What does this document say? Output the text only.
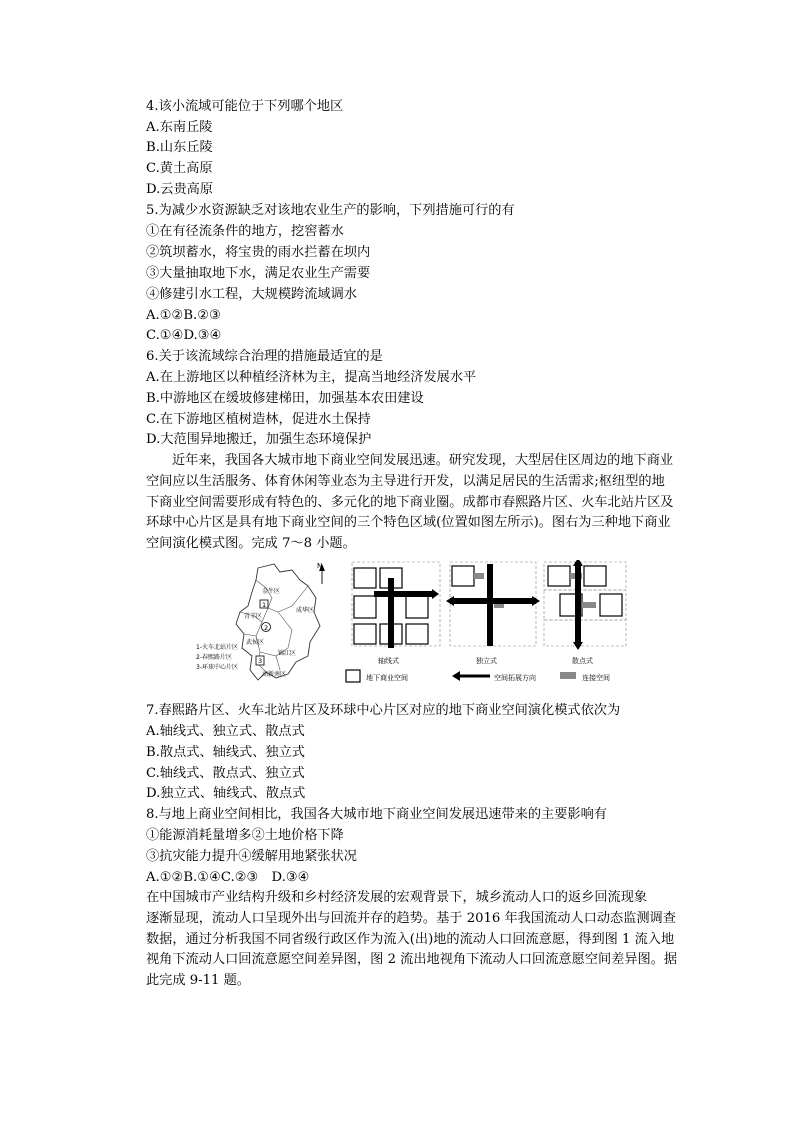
4.该小流域可能位于下列哪个地区
A.东南丘陵
B.山东丘陵
C.黄土高原
D.云贵高原
5.为减少水资源缺乏对该地农业生产的影响，下列措施可行的有
①在有径流条件的地方，挖窖蓄水
②筑坝蓄水，将宝贵的雨水拦蓄在坝内
③大量抽取地下水，满足农业生产需要
④修建引水工程，大规模跨流域调水
A.①②B.②③
C.①④D.③④
6.关于该流域综合治理的措施最适宜的是
A.在上游地区以种植经济林为主，提高当地经济发展水平
B.中游地区在缓坡修建梯田，加强基本农田建设
C.在下游地区植树造林，促进水土保持
D.大范围异地搬迁，加强生态环境保护
近年来，我国各大城市地下商业空间发展迅速。研究发现，大型居住区周边的地下商业
空间应以生活服务、体育休闲等业态为主导进行开发，以满足居民的生活需求;枢纽型的地
下商业空间需要形成有特色的、多元化的地下商业圈。成都市春熙路片区、火车北站片区及
环球中心片区是具有地下商业空间的三个特色区域(位置如图左所示)。图右为三种地下商业
空间演化模式图。完成 7～8 小题。
N
金牛区
青羊区
成华区
武侯区
锦江区
高新南区
1
2
3
1-火车北站片区
2-春熙路片区
3-环球中心片区
轴线式	独立式	散点式
地下商业空间	空间拓展方向	连接空间
7.春熙路片区、火车北站片区及环球中心片区对应的地下商业空间演化模式依次为
A.轴线式、独立式、散点式
B.散点式、轴线式、独立式
C.轴线式、散点式、独立式
D.独立式、轴线式、散点式
8.与地上商业空间相比，我国各大城市地下商业空间发展迅速带来的主要影响有
①能源消耗量增多②土地价格下降
③抗灾能力提升④缓解用地紧张状况
A.①②B.①④C.②③　D.③④
在中国城市产业结构升级和乡村经济发展的宏观背景下，城乡流动人口的返乡回流现象
逐渐显现，流动人口呈现外出与回流并存的趋势。基于 2016 年我国流动人口动态监测调查
数据，通过分析我国不同省级行政区作为流入(出)地的流动人口回流意愿，得到图 1 流入地
视角下流动人口回流意愿空间差异图，图 2 流出地视角下流动人口回流意愿空间差异图。据
此完成 9-11 题。
